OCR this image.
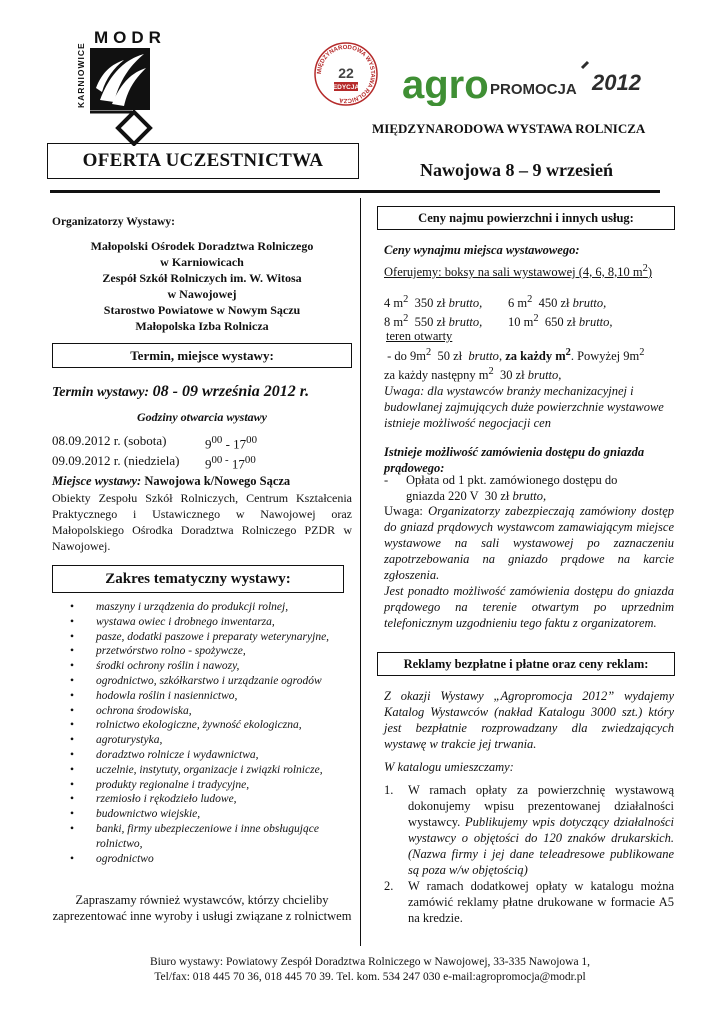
MODR
KARNIOWICE	MIĘDZYNARODOWA WYSTAWA ROLNICZA
22
EDYCJA agro PROMOCJA 2012
MIĘDZYNARODOWA WYSTAWA ROLNICZA
OFERTA UCZESTNICTWA	Nawojowa 8 – 9 wrzesień
Organizatorzy Wystawy:
Małopolski Ośrodek Doradztwa Rolniczego
w Karniowicach
Zespół Szkół Rolniczych im. W. Witosa
w Nawojowej
Starostwo Powiatowe w Nowym Sączu
Małopolska Izba Rolnicza
Termin, miejsce wystawy:
Termin wystawy: 08 - 09 września 2012 r.
Godziny otwarcia wystawy
08.09.2012 r. (sobota)	$9^{00} - 17^{00}$
09.09.2012 r. (niedziela)	$9^{00 -}$ $17^{00}$
Miejsce wystawy: Nawojowa k/Nowego Sącza
Obiekty Zespołu Szkół Rolniczych, Centrum Kształcenia Praktycznego i Ustawicznego w Nawojowej oraz Małopolskiego Ośrodka Doradztwa Rolniczego PZDR w Nawojowej.
Zakres tematyczny wystawy:
•	maszyny i urządzenia do produkcji rolnej,
•	wystawa owiec i drobnego inwentarza,
•	pasze, dodatki paszowe i preparaty weterynaryjne,
•	przetwórstwo rolno - spożywcze,
•	środki ochrony roślin i nawozy,
•	ogrodnictwo, szkółkarstwo i urządzanie ogrodów
•	hodowla roślin i nasiennictwo,
•	ochrona środowiska,
•	rolnictwo ekologiczne, żywność ekologiczna,
•	agroturystyka,
•	doradztwo rolnicze i wydawnictwa,
•	uczelnie, instytuty, organizacje i związki rolnicze,
•	produkty regionalne i tradycyjne,
•	rzemiosło i rękodzieło ludowe,
•	budownictwo wiejskie,
•	banki, firmy ubezpieczeniowe i inne obsługujące rolnictwo,
•	ogrodnictwo
Zapraszamy również wystawców, którzy chcieliby zaprezentować inne wyroby i usługi związane z rolnictwem
Ceny najmu powierzchni i innych usług:
Ceny wynajmu miejsca wystawowego:
Oferujemy: boksy na sali wystawowej (4, 6, 8,10 $m^2$)
4 $m^2$  350 zł brutto,	6 $m^2$  450 zł brutto,
8 $m^2$  550 zł brutto,	10 $m^2$  650 zł brutto,
teren otwarty
- do $9m^2$  50 zł  brutto, za każdy $m^2$. Powyżej $9m^2$
za każdy następny $m^2$  30 zł brutto,
Uwaga: dla wystawców branży mechanizacyjnej i budowlanej zajmujących duże powierzchnie wystawowe istnieje możliwość negocjacji cen
Istnieje możliwość zamówienia dostępu do gniazda prądowego:
-	Opłata od 1 pkt. zamówionego dostępu do
gniazda 220 V  30 zł brutto,
Uwaga: Organizatorzy zabezpieczają zamówiony dostęp do gniazd prądowych wystawcom zamawiającym miejsce wystawowe na sali wystawowej po zaznaczeniu zapotrzebowania na gniazdo prądowe na karcie zgłoszenia.
Jest ponadto możliwość zamówienia dostępu do gniazda prądowego na terenie otwartym po uprzednim telefonicznym uzgodnieniu tego faktu z organizatorem.
Reklamy bezpłatne i płatne oraz ceny reklam:
Z okazji Wystawy „Agropromocja 2012” wydajemy Katalog Wystawców (nakład Katalogu 3000 szt.) który jest bezpłatnie rozprowadzany dla zwiedzających wystawę w trakcie jej trwania.
W katalogu umieszczamy:
1.	W ramach opłaty za powierzchnię wystawową dokonujemy wpisu prezentowanej działalności wystawcy. Publikujemy wpis dotyczący działalności wystawcy o objętości do 120 znaków drukarskich. (Nazwa firmy i jej dane teleadresowe publikowane są poza w/w objętością)
2.	W ramach dodatkowej opłaty w katalogu można zamówić reklamy płatne drukowane w formacie A5 na kredzie.
Biuro wystawy: Powiatowy Zespół Doradztwa Rolniczego w Nawojowej, 33-335 Nawojowa 1,
Tel/fax: 018 445 70 36, 018 445 70 39. Tel. kom. 534 247 030 e-mail:agropromocja@modr.pl
